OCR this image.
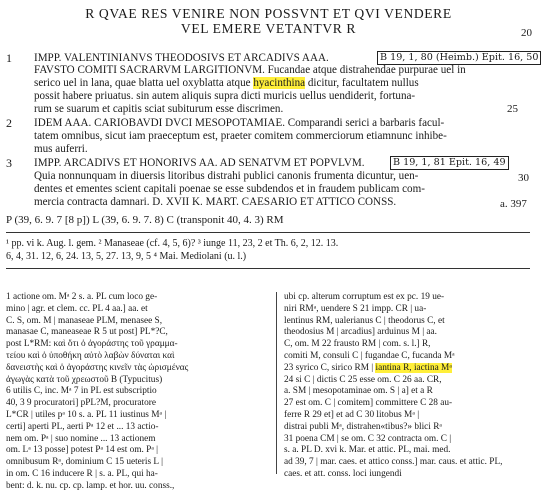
R QVAE RES VENIRE NON POSSVNT ET QVI VENDERE
VEL EMERE VETANTVR R	20
1 IMPP. VALENTINIANVS THEODOSIVS ET ARCADIVS AAA.	B 19, 1, 80 (Heimb.) Epit. 16, 50
FAVSTO COMITI SACRARVM LARGITIONVM. Fucandae atque distrahendae purpurae uel in
serico uel in lana, quae blatta uel oxyblatta atque hyacinthina dicitur, facultatem nullus
possit habere priuatus. sin autem aliquis supra dicti muricis uellus uendiderit, fortuna-
rum se suarum et capitis sciat subiturum esse discrimen.	25
2 IDEM AAA. CARIOBAVDI DVCI MESOPOTAMIAE. Comparandi serici a barbaris facul-
tatem omnibus, sicut iam praeceptum est, praeter comitem commerciorum etiamnunc inhibe-
mus auferri.
3 IMPP. ARCADIVS ET HONORIVS AA. AD SENATVM ET POPVLVM.	B 19, 1, 81 Epit. 16, 49
Quia nonnunquam in diuersis litoribus distrahi publici canonis frumenta dicuntur, uen-	30
dentes et ementes scient capitali poenae se esse subdendos et in fraudem publicam com-
mercia contracta damnari. D. XVII K. MART. CAESARIO ET ATTICO CONSS.	a. 397
P (39, 6. 9. 7 [8 p]) L (39, 6. 9. 7. 8) C (transponit 40, 4. 3) RM
¹ pp. vi k. Aug. l. gem. ² Manaseae (cf. 4, 5, 6)? ³ iunge 11, 23, 2 et Th. 6, 2, 12. 13.
6, 4, 31. 12, 6, 24. 13, 5, 27. 13, 9, 5 ⁴ Mai. Mediolani (u. l.)
1 actione om. Mᵃ 2 s. a. PL cum loco ge-
mino | agr. et clem. cc. PL 4 aa.] aa. et
C. S, om. M | manaseae PLM, menasee S,
manasae C, maneaseae R 5 ut post] PL*?C,
post L*RM: καὶ ὅτι ὁ ἀγοράστης τοῦ γραμμα-
τείου καὶ ὁ ὑποθήκη αὐτὸ λαβὼν δύναται καὶ
δανειστὴς καὶ ὁ ἀγοράστης κινεῖν τὰς ὡρισμένας
ἀγωγὰς κατὰ τοῦ χρεωστοῦ B (Typucitus)
6 utilis C, inc. Mᵃ 7 in PL est subscriptio
40, 3 9 procuratori] pPL?M, procuratore
L*CR | utiles pᵃ 10 s. a. PL 11 iustinus Mᵃ |
certi] aperti PL, aerti Pᵃ 12 et ... 13 actio-
nem om. Pᵃ | suo nomine ... 13 actionem
om. Lᵃ 13 posse] potest Pᵃ 14 est om. Pᵃ |
omnibusum Rᵃ, dominium C 15 ueteris L |
in om. C 16 inducere R | s. a. PL, qui ha-
bent: d. k. nu. cp. cp. lamp. et hor. uu. conss.,
ubi cp. alterum corruptum est ex pc. 19 ue-
niri RMᵃ, uendere S 21 impp. CR | ua-
lentinus RM, ualerianus C | theodorus C, et
theodosius M | arcadius] arduinus M | aa.
C, om. M 22 frausto RM | com. s. l.] R,
comiti M, consuli C | fugandae C, fucanda Mᵃ
23 syrico C, sirico RM | iantina R, iactina Mᵃ
24 si C | dictis C 25 esse om. C 26 aa. CR,
a. SM | mesopotaminae om. S | a] et a R
27 est om. C | comitem] committere C 28 au-
ferre R 29 et] et ad C 30 litobus Mᵃ |
distrai publi Mᵃ, distrahen«tibus?» blici Rᵃ
31 poena CM | se om. C 32 contracta om. C |
s. a. PL D. xvi k. Mar. et attic. PL, mai. med.
ad 39, 7 | mar. caes. et attico conss.] mar. caus. et attic. PL,
caes. et att. conss. loci iungendi
